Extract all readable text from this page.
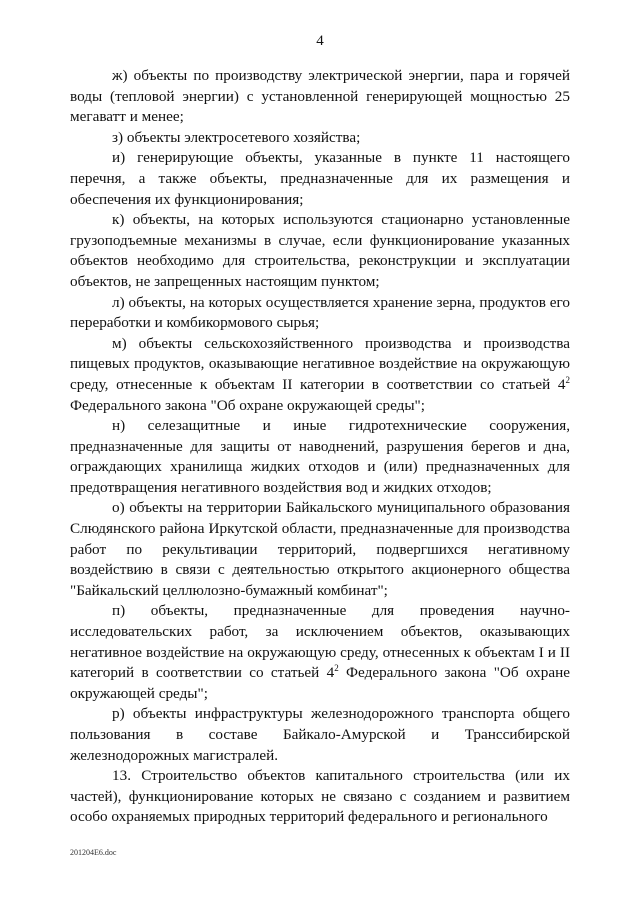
4

ж) объекты по производству электрической энергии, пара и горячей воды (тепловой энергии) с установленной генерирующей мощностью 25 мегаватт и менее;

з) объекты электросетевого хозяйства;

и) генерирующие объекты, указанные в пункте 11 настоящего перечня, а также объекты, предназначенные для их размещения и обеспечения их функционирования;

к) объекты, на которых используются стационарно установленные грузоподъемные механизмы в случае, если функционирование указанных объектов необходимо для строительства, реконструкции и эксплуатации объектов, не запрещенных настоящим пунктом;

л) объекты, на которых осуществляется хранение зерна, продуктов его переработки и комбикормового сырья;

м) объекты сельскохозяйственного производства и производства пищевых продуктов, оказывающие негативное воздействие на окружающую среду, отнесенные к объектам II категории в соответствии со статьей $4^2$ Федерального закона "Об охране окружающей среды";

н) селезащитные и иные гидротехнические сооружения, предназначенные для защиты от наводнений, разрушения берегов и дна, ограждающих хранилища жидких отходов и (или) предназначенных для предотвращения негативного воздействия вод и жидких отходов;

о) объекты на территории Байкальского муниципального образования Слюдянского района Иркутской области, предназначенные для производства работ по рекультивации территорий, подвергшихся негативному воздействию в связи с деятельностью открытого акционерного общества "Байкальский целлюлозно-бумажный комбинат";

п) объекты, предназначенные для проведения научно-исследовательских работ, за исключением объектов, оказывающих негативное воздействие на окружающую среду, отнесенных к объектам I и II категорий в соответствии со статьей $4^2$ Федерального закона "Об охране окружающей среды";

р) объекты инфраструктуры железнодорожного транспорта общего пользования в составе Байкало-Амурской и Транссибирской железнодорожных магистралей.

13. Строительство объектов капитального строительства (или их частей), функционирование которых не связано с созданием и развитием особо охраняемых природных территорий федерального и регионального

201204E6.doc
